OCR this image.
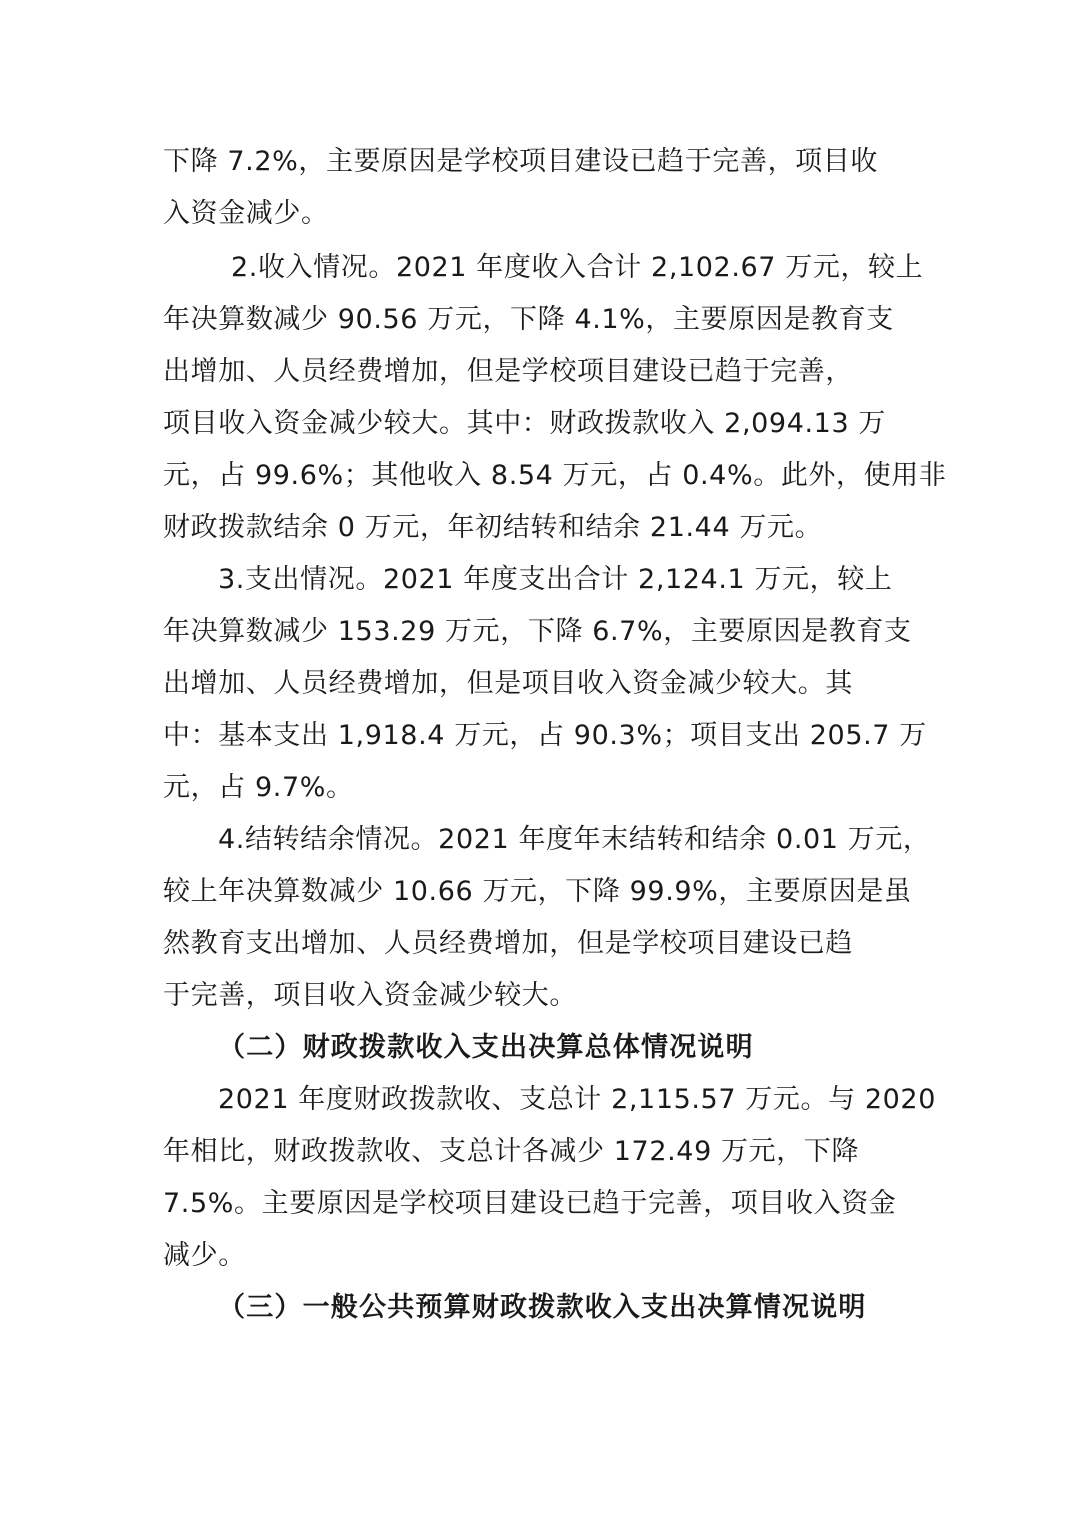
下降 7.2%，主要原因是学校项目建设已趋于完善，项目收

入资金减少。

2.收入情况。2021 年度收入合计 2,102.67 万元，较上

年决算数减少 90.56 万元，下降 4.1%，主要原因是教育支

出增加、人员经费增加，但是学校项目建设已趋于完善，

项目收入资金减少较大。其中：财政拨款收入 2,094.13 万

元，占 99.6%；其他收入 8.54 万元，占 0.4%。此外，使用非

财政拨款结余 0 万元，年初结转和结余 21.44 万元。

3.支出情况。2021 年度支出合计 2,124.1 万元，较上

年决算数减少 153.29 万元，下降 6.7%，主要原因是教育支

出增加、人员经费增加，但是项目收入资金减少较大。其

中：基本支出 1,918.4 万元，占 90.3%；项目支出 205.7 万

元，占 9.7%。

4.结转结余情况。2021 年度年末结转和结余 0.01 万元，

较上年决算数减少 10.66 万元，下降 99.9%，主要原因是虽

然教育支出增加、人员经费增加，但是学校项目建设已趋

于完善，项目收入资金减少较大。

（二）财政拨款收入支出决算总体情况说明

2021 年度财政拨款收、支总计 2,115.57 万元。与 2020

年相比，财政拨款收、支总计各减少 172.49 万元，下降

7.5%。主要原因是学校项目建设已趋于完善，项目收入资金

减少。

（三）一般公共预算财政拨款收入支出决算情况说明
